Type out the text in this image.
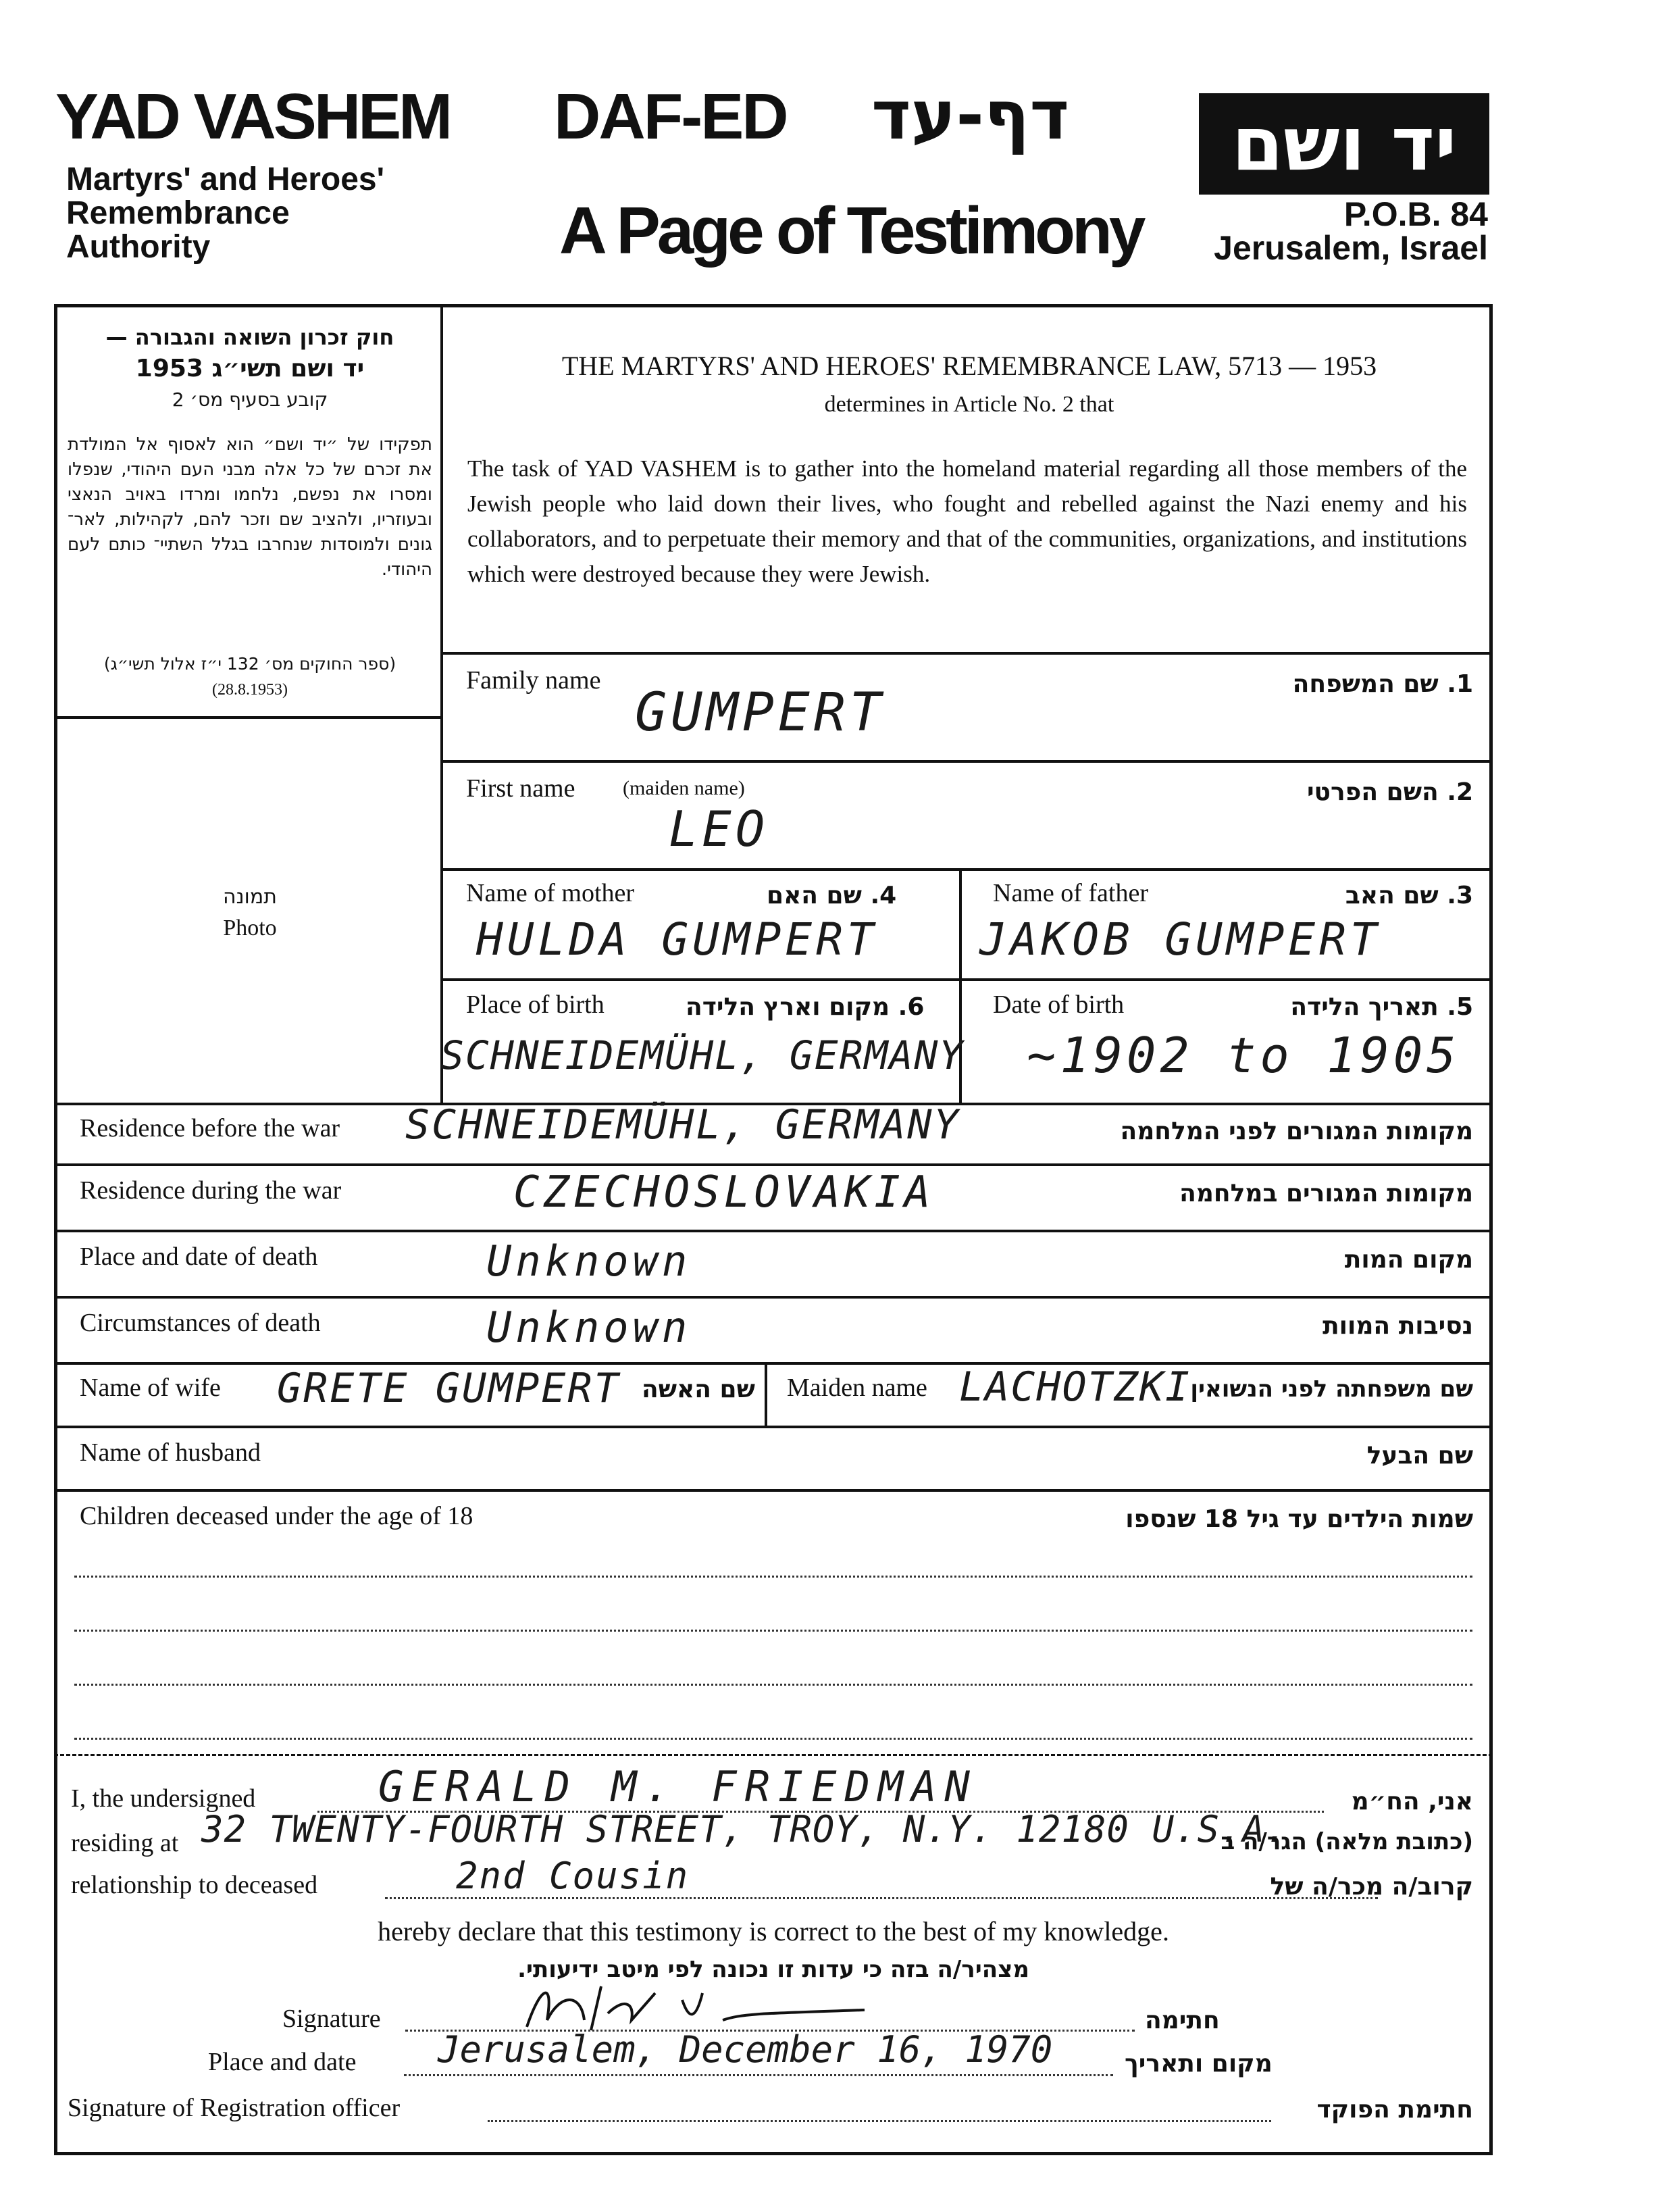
YAD VASHEM
Martyrs' and Heroes'
Remembrance
Authority
DAF-ED דף-עד
A Page of Testimony
יד ושם
P.O.B. 84
Jerusalem, Israel
חוק זכרון השואה והגבורה —
יד ושם תשי״ג 1953
קובע בסעיף מס׳ 2
תפקידו של ״יד ושם״ הוא לאסוף אל המולדת את זכרם של כל אלה מבני העם היהודי, שנפלו ומסרו את נפשם, נלחמו ומרדו באויב הנאצי ובעוזריו, ולהציב שם וזכר להם, לקהילות, לאר־ גונים ולמוסדות שנחרבו בגלל השתיי־ כותם לעם היהודי.
(ספר החוקים מס׳ 132 י״ז אלול תשי״ג)
(28.8.1953)
THE MARTYRS' AND HEROES' REMEMBRANCE LAW, 5713 — 1953
determines in Article No. 2 that
The task of YAD VASHEM is to gather into the homeland material regarding all those members of the Jewish people who laid down their lives, who fought and rebelled against the Nazi enemy and his collaborators, and to perpetuate their memory and that of the communities, organizations, and institutions which were destroyed because they were Jewish.
תמונה
Photo
Family name	1. שם המשפחה
GUMPERT
First name (maiden name)	2. השם הפרטי
LEO
Name of mother	4. שם האם
HULDA GUMPERT
Name of father	3. שם האב
JAKOB GUMPERT
Place of birth	6. מקום וארץ הלידה
SCHNEIDEMÜHL, GERMANY
Date of birth	5. תאריך הלידה
~1902 to 1905
Residence before the war	מקומות המגורים לפני המלחמה
SCHNEIDEMÜHL, GERMANY
Residence during the war	מקומות המגורים במלחמה
CZECHOSLOVAKIA
Place and date of death	מקום המות
Unknown
Circumstances of death	נסיבות המוות
Unknown
Name of wife GRETE GUMPERT שם האשה Maiden name LACHOTZKI שם משפחתה לפני הנשואין
Name of husband	שם הבעל
Children deceased under the age of 18	שמות הילדים עד גיל 18 שנספו
I, the undersigned	GERALD M. FRIEDMAN	אני, הח״מ
residing at 32 TWENTY-FOURTH STREET, TROY, N.Y. 12180 U.S.A.
(כתובת מלאה) הגר/ה ב
relationship to deceased	2nd Cousin	קרוב/ה מכר/ה של
hereby declare that this testimony is correct to the best of my knowledge.
מצהיר/ה בזה כי עדות זו נכונה לפי מיטב ידיעותי.
Signature	חתימה
Place and date Jerusalem, December 16, 1970	מקום ותאריך
Signature of Registration officer	חתימת הפוקד
